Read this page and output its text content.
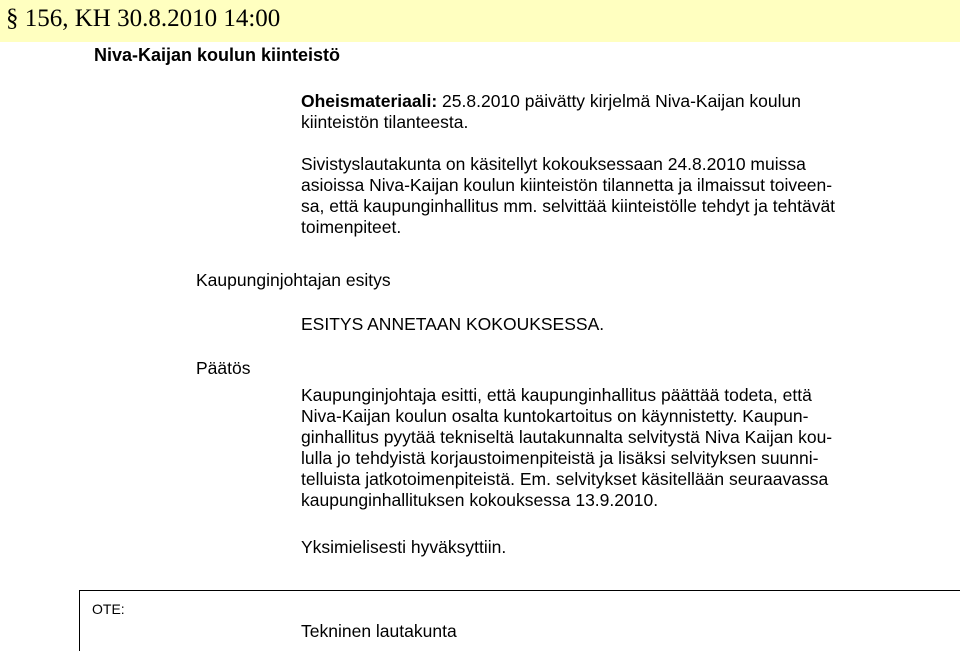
§ 156, KH 30.8.2010 14:00
Niva-Kaijan koulun kiinteistö
Oheismateriaali: 25.8.2010 päivätty kirjelmä Niva-Kaijan koulun
kiinteistön tilanteesta.
Sivistyslautakunta on käsitellyt kokouksessaan 24.8.2010 muissa
asioissa Niva-Kaijan koulun kiinteistön tilannetta ja ilmaissut toiveen-
sa, että kaupunginhallitus mm. selvittää kiinteistölle tehdyt ja tehtävät
toimenpiteet.
Kaupunginjohtajan esitys
ESITYS ANNETAAN KOKOUKSESSA.
Päätös
Kaupunginjohtaja esitti, että kaupunginhallitus päättää todeta, että
Niva-Kaijan koulun osalta kuntokartoitus on käynnistetty. Kaupun-
ginhallitus pyytää tekniseltä lautakunnalta selvitystä Niva Kaijan kou-
lulla jo tehdyistä korjaustoimenpiteistä ja lisäksi selvityksen suunni-
telluista jatkotoimenpiteistä. Em. selvitykset käsitellään seuraavassa
kaupunginhallituksen kokouksessa 13.9.2010.
Yksimielisesti hyväksyttiin.
OTE:
Tekninen lautakunta
